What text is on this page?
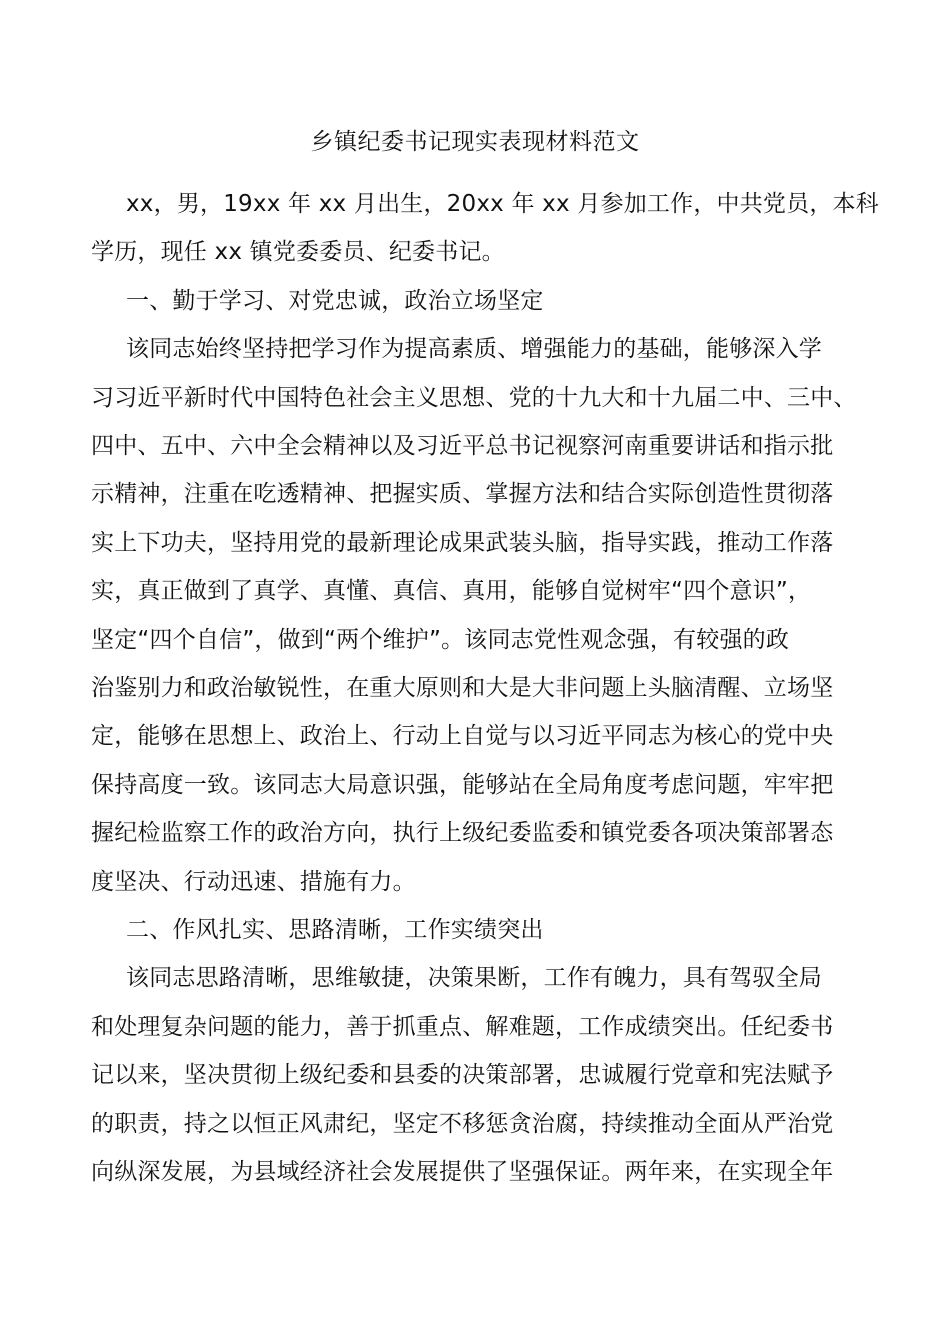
乡镇纪委书记现实表现材料范文
xx，男，19xx 年 xx 月出生，20xx 年 xx 月参加工作，中共党员，本科
学历，现任 xx 镇党委委员、纪委书记。
一、勤于学习、对党忠诚，政治立场坚定
该同志始终坚持把学习作为提高素质、增强能力的基础，能够深入学
习习近平新时代中国特色社会主义思想、党的十九大和十九届二中、三中、
四中、五中、六中全会精神以及习近平总书记视察河南重要讲话和指示批
示精神，注重在吃透精神、把握实质、掌握方法和结合实际创造性贯彻落
实上下功夫，坚持用党的最新理论成果武装头脑，指导实践，推动工作落
实，真正做到了真学、真懂、真信、真用，能够自觉树牢“四个意识”，
坚定“四个自信”，做到“两个维护”。该同志党性观念强，有较强的政
治鉴别力和政治敏锐性，在重大原则和大是大非问题上头脑清醒、立场坚
定，能够在思想上、政治上、行动上自觉与以习近平同志为核心的党中央
保持高度一致。该同志大局意识强，能够站在全局角度考虑问题，牢牢把
握纪检监察工作的政治方向，执行上级纪委监委和镇党委各项决策部署态
度坚决、行动迅速、措施有力。
二、作风扎实、思路清晰，工作实绩突出
该同志思路清晰，思维敏捷，决策果断，工作有魄力，具有驾驭全局
和处理复杂问题的能力，善于抓重点、解难题，工作成绩突出。任纪委书
记以来，坚决贯彻上级纪委和县委的决策部署，忠诚履行党章和宪法赋予
的职责，持之以恒正风肃纪，坚定不移惩贪治腐，持续推动全面从严治党
向纵深发展，为县域经济社会发展提供了坚强保证。两年来，在实现全年
